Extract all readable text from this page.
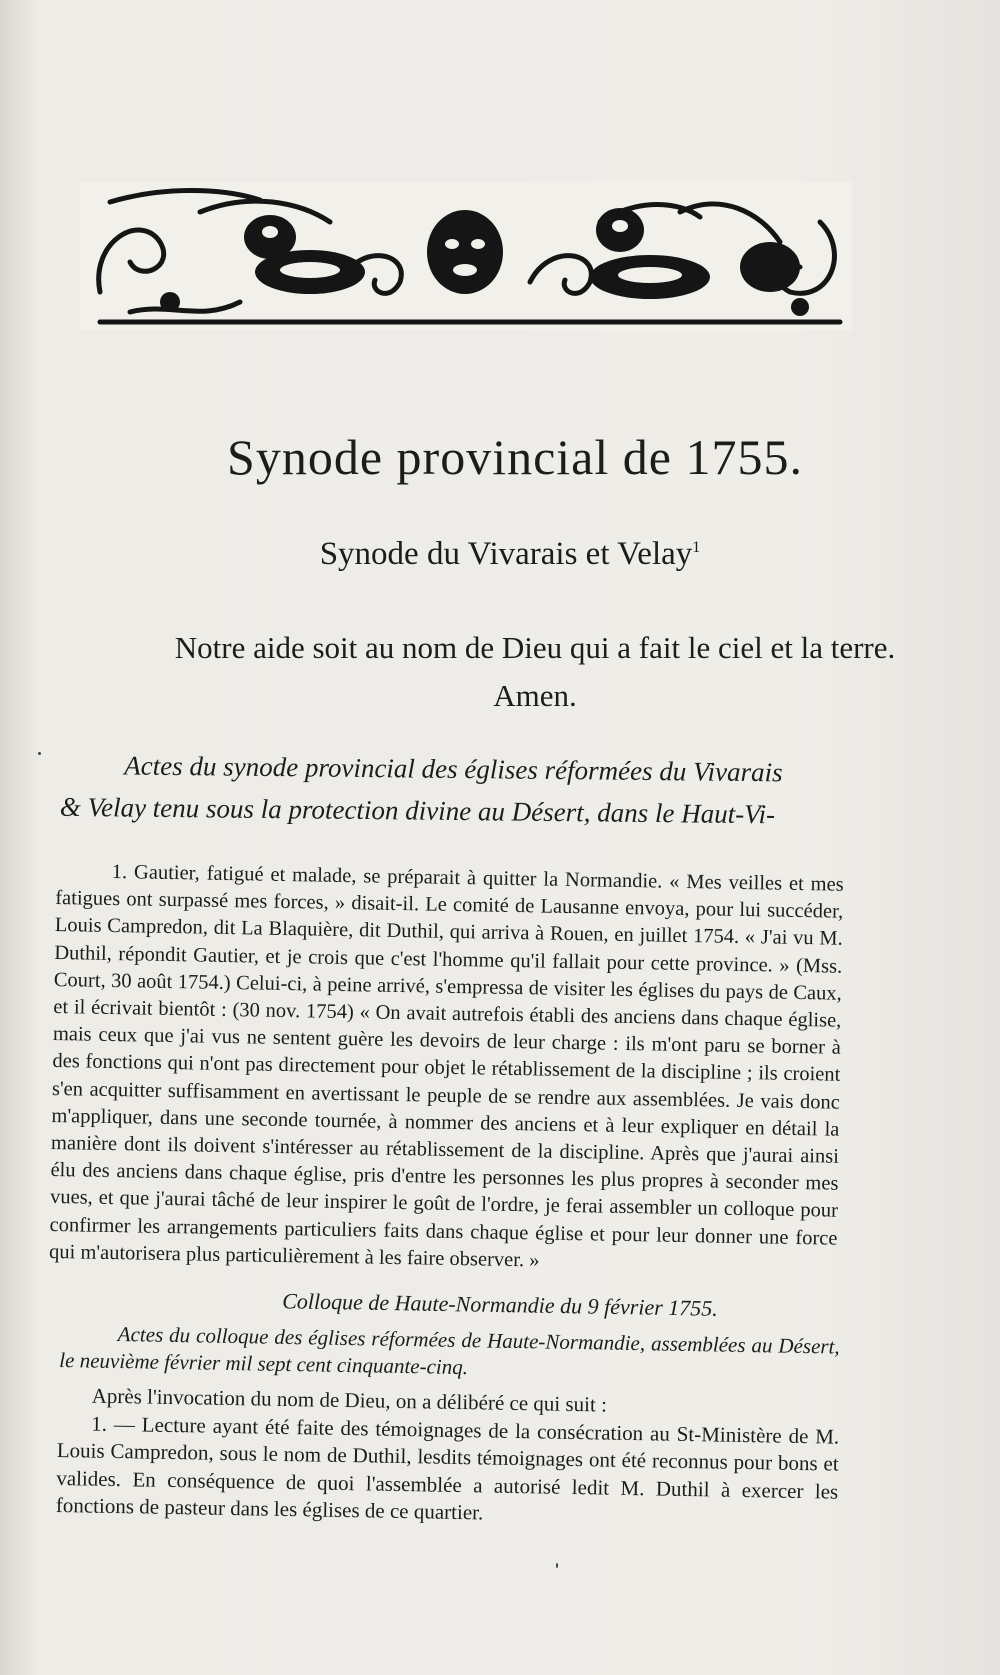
Synode provincial de 1755.
Synode du Vivarais et Velay$^1$

Notre aide soit au nom de Dieu qui a fait le ciel et la terre. Amen.

Actes du synode provincial des églises réformées du Vivarais
& Velay tenu sous la protection divine au Désert, dans le Haut-Vi-

1. Gautier, fatigué et malade, se préparait à quitter la Normandie. « Mes veilles et mes fatigues ont surpassé mes forces, » disait-il. Le comité de Lausanne envoya, pour lui succéder, Louis Campredon, dit La Blaquière, dit Duthil, qui arriva à Rouen, en juillet 1754. « J'ai vu M. Duthil, répondit Gautier, et je crois que c'est l'homme qu'il fallait pour cette province. » (Mss. Court, 30 août 1754.) Celui-ci, à peine arrivé, s'empressa de visiter les églises du pays de Caux, et il écrivait bientôt : (30 nov. 1754) « On avait autrefois établi des anciens dans chaque église, mais ceux que j'ai vus ne sentent guère les devoirs de leur charge : ils m'ont paru se borner à des fonctions qui n'ont pas directement pour objet le rétablissement de la discipline ; ils croient s'en acquitter suffisamment en avertissant le peuple de se rendre aux assemblées. Je vais donc m'appliquer, dans une seconde tournée, à nommer des anciens et à leur expliquer en détail la manière dont ils doivent s'intéresser au rétablissement de la discipline. Après que j'aurai ainsi élu des anciens dans chaque église, pris d'entre les personnes les plus propres à seconder mes vues, et que j'aurai tâché de leur inspirer le goût de l'ordre, je ferai assembler un colloque pour confirmer les arrangements particuliers faits dans chaque église et pour leur donner une force qui m'autorisera plus particulièrement à les faire observer. »

Colloque de Haute-Normandie du 9 février 1755.

Actes du colloque des églises réformées de Haute-Normandie, assemblées au Désert, le neuvième février mil sept cent cinquante-cinq.

Après l'invocation du nom de Dieu, on a délibéré ce qui suit :

1. — Lecture ayant été faite des témoignages de la consécration au St-Ministère de M. Louis Campredon, sous le nom de Duthil, lesdits témoignages ont été reconnus pour bons et valides. En conséquence de quoi l'assemblée a autorisé ledit M. Duthil à exercer les fonctions de pasteur dans les églises de ce quartier.
